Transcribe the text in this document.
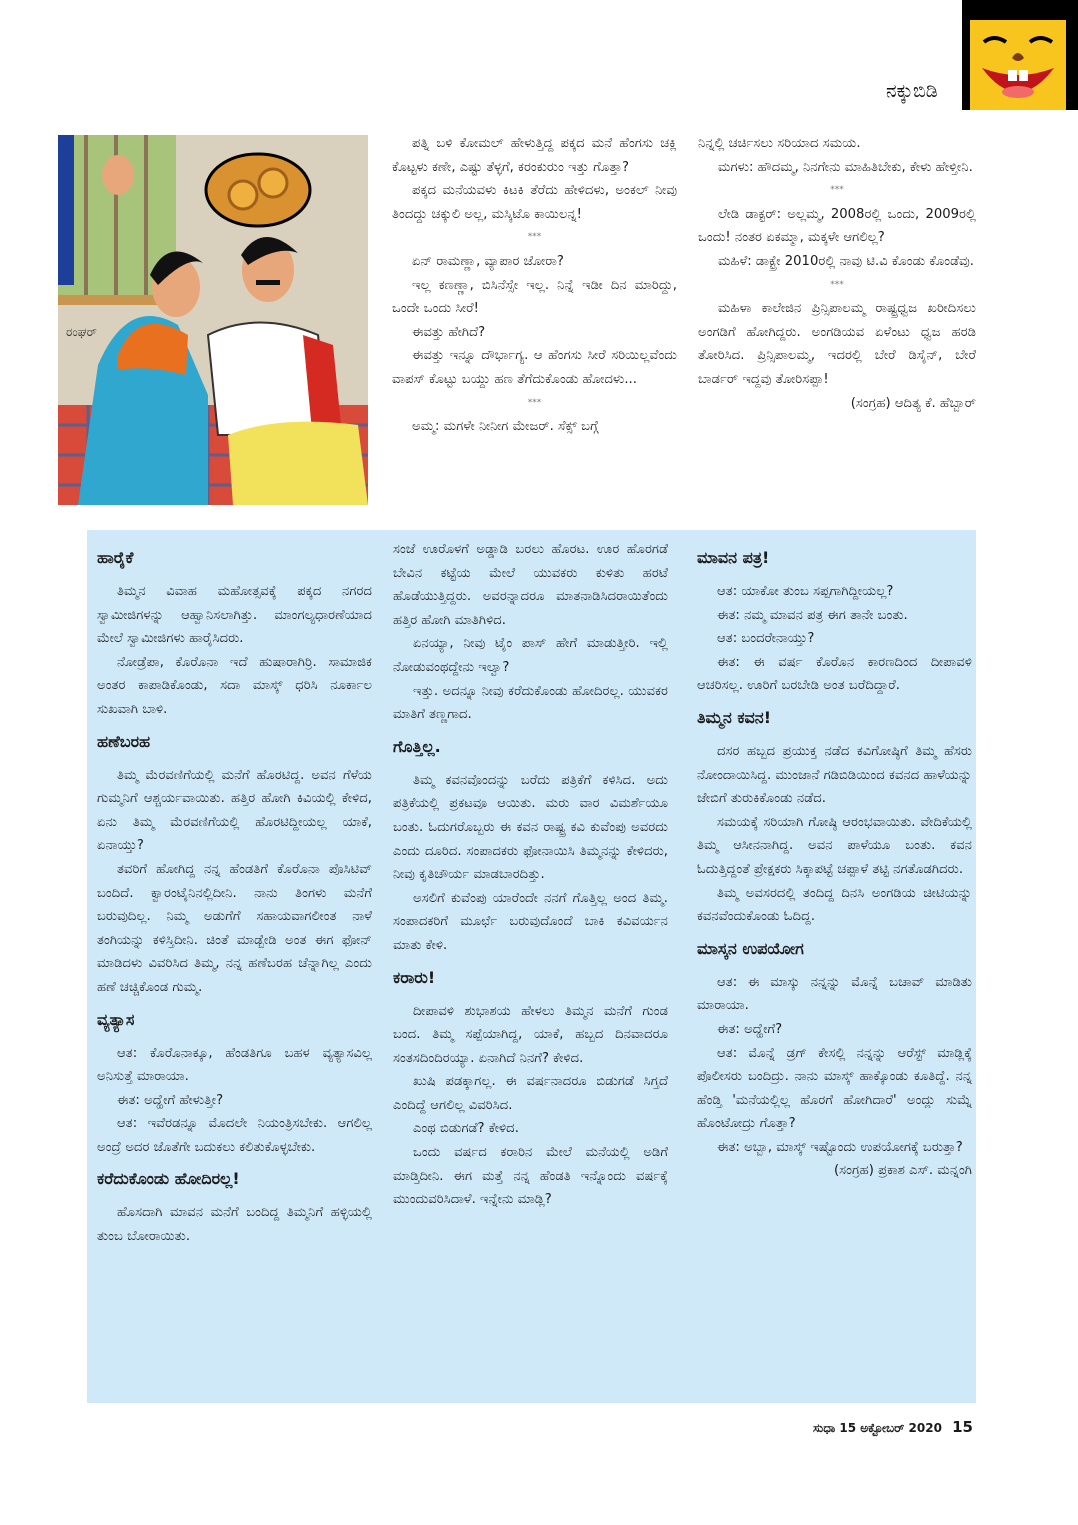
ನಕ್ಕುಬಿಡಿ
ರಂಘರ್

ಪತ್ನಿ ಬಳಿ ಕೋಮಲ್ ಹೇಳುತ್ತಿದ್ದ ಪಕ್ಕದ ಮನೆ ಹೆಂಗಸು ಚಕ್ಲಿ ಕೊಟ್ಟಳು ಕಣೇ, ಎಷ್ಟು ತೆಳ್ಳಗೆ, ಕರಂಕುರುಂ ಇತ್ತು ಗೊತ್ತಾ?

ಪಕ್ಕದ ಮನೆಯವಳು ಕಿಟಕಿ ತೆರೆದು ಹೇಳಿದಳು, ಅಂಕಲ್ ನೀವು ತಿಂದದ್ದು ಚಕ್ಕುಲಿ ಅಲ್ಲ, ಮಸ್ಕಿಟೊ ಕಾಯಿಲನ್ನ!

***

ಏನ್ ರಾಮಣ್ಣಾ, ವ್ಯಾಪಾರ ಜೋರಾ?

ಇಲ್ಲ ಕಣಣ್ಣಾ, ಬಿಸಿನೆಸ್ಸೇ ಇಲ್ಲ. ನಿನ್ನೆ ಇಡೀ ದಿನ ಮಾರಿದ್ದು, ಒಂದೇ ಒಂದು ಸೀರೆ!

ಈವತ್ತು ಹೇಗಿದೆ?

ಈವತ್ತು ಇನ್ನೂ ದೌರ್ಭಾಗ್ಯ. ಆ ಹೆಂಗಸು ಸೀರೆ ಸರಿಯಿಲ್ಲವೆಂದು ವಾಪಸ್ ಕೊಟ್ಟು ಬಯ್ದು ಹಣ ತೆಗೆದುಕೊಂಡು ಹೋದಳು...

***

ಅಮ್ಮ: ಮಗಳೇ ನೀನೀಗ ಮೇಜರ್. ಸೆಕ್ಸ್ ಬಗ್ಗೆ

ನಿನ್ನಲ್ಲಿ ಚರ್ಚಿಸಲು ಸರಿಯಾದ ಸಮಯ.

ಮಗಳು: ಹೌದಮ್ಮ, ನಿನಗೇನು ಮಾಹಿತಿಬೇಕು, ಕೇಳು ಹೇಳ್ತೀನಿ.

***

ಲೇಡಿ ಡಾಕ್ಟರ್: ಅಲ್ಲಮ್ಮ, 2008ರಲ್ಲಿ ಒಂದು, 2009ರಲ್ಲಿ ಒಂದು! ನಂತರ ಏಕಮ್ಮಾ, ಮಕ್ಕಳೇ ಆಗಲಿಲ್ಲ?

ಮಹಿಳೆ: ಡಾಕ್ಟ್ರೇ 2010ರಲ್ಲಿ ನಾವು ಟಿ.ವಿ ಕೊಂಡು ಕೊಂಡೆವು.

***

ಮಹಿಳಾ ಕಾಲೇಜಿನ ಪ್ರಿನ್ಸಿಪಾಲಮ್ಮ ರಾಷ್ಟ್ರಧ್ವಜ ಖರೀದಿಸಲು ಅಂಗಡಿಗೆ ಹೋಗಿದ್ದರು. ಅಂಗಡಿಯವ ಏಳೆಂಟು ಧ್ವಜ ಹರಡಿ ತೋರಿಸಿದ. ಪ್ರಿನ್ಸಿಪಾಲಮ್ಮ, ಇದರಲ್ಲಿ ಬೇರೆ ಡಿಸೈನ್, ಬೇರೆ ಬಾರ್ಡರ್ ಇದ್ದವು ತೋರಿಸಪ್ಪಾ!

(ಸಂಗ್ರಹ) ಆದಿತ್ಯ ಕೆ. ಹೆಬ್ಬಾರ್

ಹಾರೈಕೆ

ತಿಮ್ಮನ ವಿವಾಹ ಮಹೋತ್ಸವಕ್ಕೆ ಪಕ್ಕದ ನಗರದ ಸ್ವಾಮೀಜಿಗಳನ್ನು ಆಹ್ವಾನಿಸಲಾಗಿತ್ತು. ಮಾಂಗಲ್ಯಧಾರಣೆಯಾದ ಮೇಲೆ ಸ್ವಾಮೀಜಿಗಳು ಹಾರೈಸಿದರು.

ನೋಡ್ರೆಪಾ, ಕೊರೊನಾ ಇದೆ ಹುಷಾರಾಗಿರ್ರಿ. ಸಾಮಾಜಿಕ ಅಂತರ ಕಾಪಾಡಿಕೊಂಡು, ಸದಾ ಮಾಸ್ಕ್ ಧರಿಸಿ ನೂರ್ಕಾಲ ಸುಖವಾಗಿ ಬಾಳಿ.

ಹಣೆಬರಹ

ತಿಮ್ಮ ಮೆರವಣಿಗೆಯಲ್ಲಿ ಮನೆಗೆ ಹೊರಟಿದ್ದ. ಅವನ ಗೆಳೆಯ ಗುಮ್ಮನಿಗೆ ಆಶ್ಚರ್ಯವಾಯಿತು. ಹತ್ತಿರ ಹೋಗಿ ಕಿವಿಯಲ್ಲಿ ಕೇಳಿದ, ಏನು ತಿಮ್ಮ ಮೆರವಣಿಗೆಯಲ್ಲಿ ಹೊರಟಿದ್ದೀಯಲ್ಲ ಯಾಕೆ, ಏನಾಯ್ತು?

ತವರಿಗೆ ಹೋಗಿದ್ದ ನನ್ನ ಹೆಂಡತಿಗೆ ಕೊರೊನಾ ಪೊಸಿಟಿವ್ ಬಂದಿದೆ. ಕ್ವಾರಂಟೈನಿನಲ್ಲಿದೀನಿ. ನಾನು ತಿಂಗಳು ಮನೆಗೆ ಬರುವುದಿಲ್ಲ. ನಿಮ್ಮ ಅಡುಗೆಗೆ ಸಹಾಯವಾಗಲೀಂತ ನಾಳೆ ತಂಗಿಯನ್ನು ಕಳಿಸ್ತಿದೀನಿ. ಚಿಂತೆ ಮಾಡ್ಬೇಡಿ ಅಂತ ಈಗ ಫೋನ್ ಮಾಡಿದಳು ವಿವರಿಸಿದ ತಿಮ್ಮ, ನನ್ನ ಹಣೆಬರಹ ಚೆನ್ನಾಗಿಲ್ಲ ಎಂದು ಹಣೆ ಚಚ್ಚಿಕೊಂಡ ಗುಮ್ಮ.

ವ್ಯತ್ಯಾಸ

ಆತ: ಕೊರೊನಾಕ್ಕೂ, ಹೆಂಡತಿಗೂ ಬಹಳ ವ್ಯತ್ಯಾಸವಿಲ್ಲ ಅನಿಸುತ್ತೆ ಮಾರಾಯಾ.

ಈತ: ಅದ್ಹೇಗೆ ಹೇಳುತ್ತೀ?

ಆತ: ಇವೆರಡನ್ನೂ ಮೊದಲೇ ನಿಯಂತ್ರಿಸಬೇಕು. ಆಗಲಿಲ್ಲ ಅಂದ್ರೆ ಅದರ ಜೊತೆಗೇ ಬದುಕಲು ಕಲಿತುಕೊಳ್ಳಬೇಕು.

ಕರೆದುಕೊಂಡು ಹೋದಿರಲ್ಲ!

ಹೊಸದಾಗಿ ಮಾವನ ಮನೆಗೆ ಬಂದಿದ್ದ ತಿಮ್ಮನಿಗೆ ಹಳ್ಳಿಯಲ್ಲಿ ತುಂಬ ಬೋರಾಯಿತು.

ಸಂಜೆ ಊರೊಳಗೆ ಅಡ್ಡಾಡಿ ಬರಲು ಹೊರಟ. ಊರ ಹೊರಗಡೆ ಬೇವಿನ ಕಟ್ಟೆಯ ಮೇಲೆ ಯುವಕರು ಕುಳಿತು ಹರಟೆ ಹೊಡೆಯುತ್ತಿದ್ದರು. ಅವರನ್ನಾದರೂ ಮಾತನಾಡಿಸಿದರಾಯಿತೆಂದು ಹತ್ತಿರ ಹೋಗಿ ಮಾತಿಗಿಳಿದ.

ಏನಯ್ಯಾ, ನೀವು ಟೈಂ ಪಾಸ್ ಹೇಗೆ ಮಾಡುತ್ತೀರಿ. ಇಲ್ಲಿ ನೋಡುವಂಥದ್ದೇನು ಇಲ್ವಾ?

ಇತ್ತು. ಅದನ್ನೂ ನೀವು ಕರೆದುಕೊಂಡು ಹೋದಿರಲ್ಲ. ಯುವಕರ ಮಾತಿಗೆ ತಣ್ಣಗಾದ.

ಗೊತ್ತಿಲ್ಲ.

ತಿಮ್ಮ ಕವನವೊಂದನ್ನು ಬರೆದು ಪತ್ರಿಕೆಗೆ ಕಳಿಸಿದ. ಅದು ಪತ್ರಿಕೆಯಲ್ಲಿ ಪ್ರಕಟವೂ ಆಯಿತು. ಮರು ವಾರ ವಿಮರ್ಶೆಯೂ ಬಂತು. ಓದುಗರೊಬ್ಬರು ಈ ಕವನ ರಾಷ್ಟ್ರ ಕವಿ ಕುವೆಂಪು ಅವರದು ಎಂದು ದೂರಿದ. ಸಂಪಾದಕರು ಫೋನಾಯಿಸಿ ತಿಮ್ಮನನ್ನು ಕೇಳಿದರು, ನೀವು ಕೃತಿಚೌರ್ಯ ಮಾಡಬಾರದಿತ್ತು.

ಅಸಲಿಗೆ ಕುವೆಂಪು ಯಾರೆಂದೇ ನನಗೆ ಗೊತ್ತಿಲ್ಲ ಅಂದ ತಿಮ್ಮ. ಸಂಪಾದಕರಿಗೆ ಮೂರ್ಛೆ ಬರುವುದೊಂದೆ ಬಾಕಿ ಕವಿವರ್ಯನ ಮಾತು ಕೇಳಿ.

ಕರಾರು!

ದೀಪಾವಳಿ ಶುಭಾಶಯ ಹೇಳಲು ತಿಮ್ಮನ ಮನೆಗೆ ಗುಂಡ ಬಂದ. ತಿಮ್ಮ ಸಪ್ಪೆಯಾಗಿದ್ದ, ಯಾಕೆ, ಹಬ್ಬದ ದಿನವಾದರೂ ಸಂತಸದಿಂದಿರಯ್ಯಾ. ಏನಾಗಿದೆ ನಿನಗೆ? ಕೇಳಿದ.

ಖುಷಿ ಪಡಕ್ಕಾಗಲ್ಲ. ಈ ವರ್ಷನಾದರೂ ಬಿಡುಗಡೆ ಸಿಗ್ತದೆ ಎಂದಿದ್ದೆ ಆಗಲಿಲ್ಲ ವಿವರಿಸಿದ.

ಎಂಥ ಬಿಡುಗಡೆ? ಕೇಳಿದ.

ಒಂದು ವರ್ಷದ ಕರಾರಿನ ಮೇಲೆ ಮನೆಯಲ್ಲಿ ಅಡಿಗೆ ಮಾಡ್ತಿದೀನಿ. ಈಗ ಮತ್ತೆ ನನ್ನ ಹೆಂಡತಿ ಇನ್ನೊಂದು ವರ್ಷಕ್ಕೆ ಮುಂದುವರಿಸಿದಾಳೆ. ಇನ್ನೇನು ಮಾಡ್ಲಿ?

ಮಾವನ ಪತ್ರ!

ಆತ: ಯಾಕೋ ತುಂಬ ಸಪ್ಪಗಾಗಿದ್ದೀಯಲ್ಲ?

ಈತ: ನಮ್ಮ ಮಾವನ ಪತ್ರ ಈಗ ತಾನೇ ಬಂತು.

ಆತ: ಬಂದರೇನಾಯ್ತು?

ಈತ: ಈ ವರ್ಷ ಕೊರೊನ ಕಾರಣದಿಂದ ದೀಪಾವಳಿ ಆಚರಿಸಲ್ಲ. ಊರಿಗೆ ಬರಬೇಡಿ ಅಂತ ಬರೆದಿದ್ದಾರೆ.

ತಿಮ್ಮನ ಕವನ!

ದಸರ ಹಬ್ಬದ ಪ್ರಯುಕ್ತ ನಡೆದ ಕವಿಗೋಷ್ಠಿಗೆ ತಿಮ್ಮ ಹೆಸರು ನೋಂದಾಯಿಸಿದ್ದ. ಮುಂಜಾನೆ ಗಡಿಬಿಡಿಯಿಂದ ಕವನದ ಹಾಳೆಯನ್ನು ಜೇಬಿಗೆ ತುರುಕಿಕೊಂಡು ನಡೆದ.

ಸಮಯಕ್ಕೆ ಸರಿಯಾಗಿ ಗೋಷ್ಠಿ ಆರಂಭವಾಯಿತು. ವೇದಿಕೆಯಲ್ಲಿ ತಿಮ್ಮ ಆಸೀನನಾಗಿದ್ದ. ಅವನ ಪಾಳೆಯೂ ಬಂತು. ಕವನ ಓದುತ್ತಿದ್ದಂತೆ ಪ್ರೇಕ್ಷಕರು ಸಿಕ್ಕಾಪಟ್ಟೆ ಚಪ್ಪಾಳೆ ತಟ್ಟಿ ನಗತೊಡಗಿದರು.

ತಿಮ್ಮ ಅವಸರದಲ್ಲಿ ತಂದಿದ್ದ ದಿನಸಿ ಅಂಗಡಿಯ ಚೀಟಿಯನ್ನು ಕವನವೆಂದುಕೊಂಡು ಓದಿದ್ದ.

ಮಾಸ್ಕನ ಉಪಯೋಗ

ಆತ: ಈ ಮಾಸ್ಕು ನನ್ನನ್ನು ಮೊನ್ನೆ ಬಚಾವ್ ಮಾಡಿತು ಮಾರಾಯಾ.

ಈತ: ಅದ್ಹೇಗೆ?

ಆತ: ಮೊನ್ನೆ ಡ್ರಗ್ ಕೇಸಲ್ಲಿ ನನ್ನನ್ನು ಆರೆಸ್ಟ್ ಮಾಡ್ಲಿಕ್ಕೆ ಪೊಲೀಸರು ಬಂದಿದ್ರು. ನಾನು ಮಾಸ್ಕ್ ಹಾಕ್ಕೊಂಡು ಕೂತಿದ್ದೆ. ನನ್ನ ಹೆಂಡ್ತಿ 'ಮನೆಯಲ್ಲಿಲ್ಲ ಹೊರಗೆ ಹೋಗಿದಾರೆ' ಅಂದ್ಲು ಸುಮ್ನೆ ಹೊಂಟೋದ್ರು ಗೊತ್ತಾ?

ಈತ: ಅಬ್ಬಾ, ಮಾಸ್ಕ್ ಇಷ್ಟೊಂದು ಉಪಯೋಗಕ್ಕೆ ಬರುತ್ತಾ?

(ಸಂಗ್ರಹ) ಪ್ರಕಾಶ ಎಸ್. ಮನ್ನಂಗಿ

ಸುಧಾ 15 ಅಕ್ಟೋಬರ್ 2020 15
